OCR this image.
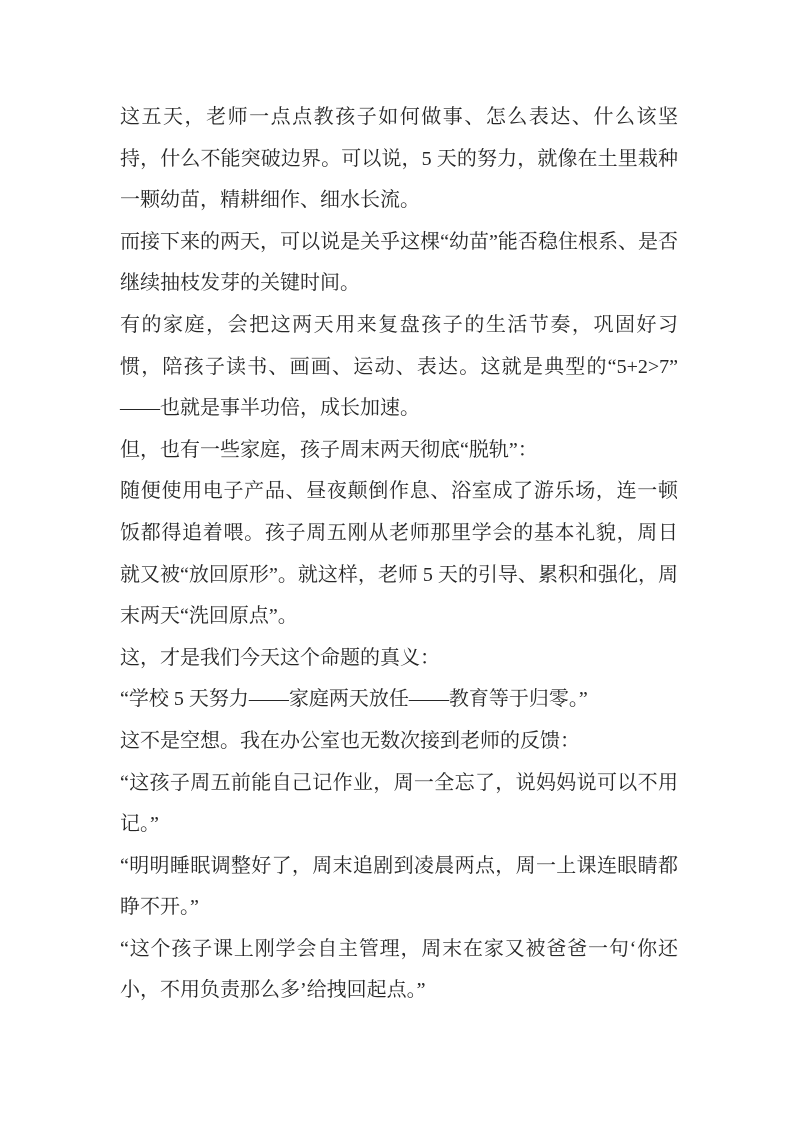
这五天，老师一点点教孩子如何做事、怎么表达、什么该坚持，什么不能突破边界。可以说，5 天的努力，就像在土里栽种一颗幼苗，精耕细作、细水长流。

而接下来的两天，可以说是关乎这棵“幼苗”能否稳住根系、是否继续抽枝发芽的关键时间。

有的家庭，会把这两天用来复盘孩子的生活节奏，巩固好习惯，陪孩子读书、画画、运动、表达。这就是典型的“5+2>7”——也就是事半功倍，成长加速。

但，也有一些家庭，孩子周末两天彻底“脱轨”：

随便使用电子产品、昼夜颠倒作息、浴室成了游乐场，连一顿饭都得追着喂。孩子周五刚从老师那里学会的基本礼貌，周日就又被“放回原形”。就这样，老师 5 天的引导、累积和强化，周末两天“洗回原点”。

这，才是我们今天这个命题的真义：

“学校 5 天努力——家庭两天放任——教育等于归零。”

这不是空想。我在办公室也无数次接到老师的反馈：

“这孩子周五前能自己记作业，周一全忘了，说妈妈说可以不用记。”

“明明睡眠调整好了，周末追剧到凌晨两点，周一上课连眼睛都睁不开。”

“这个孩子课上刚学会自主管理，周末在家又被爸爸一句‘你还小，不用负责那么多’给拽回起点。”
